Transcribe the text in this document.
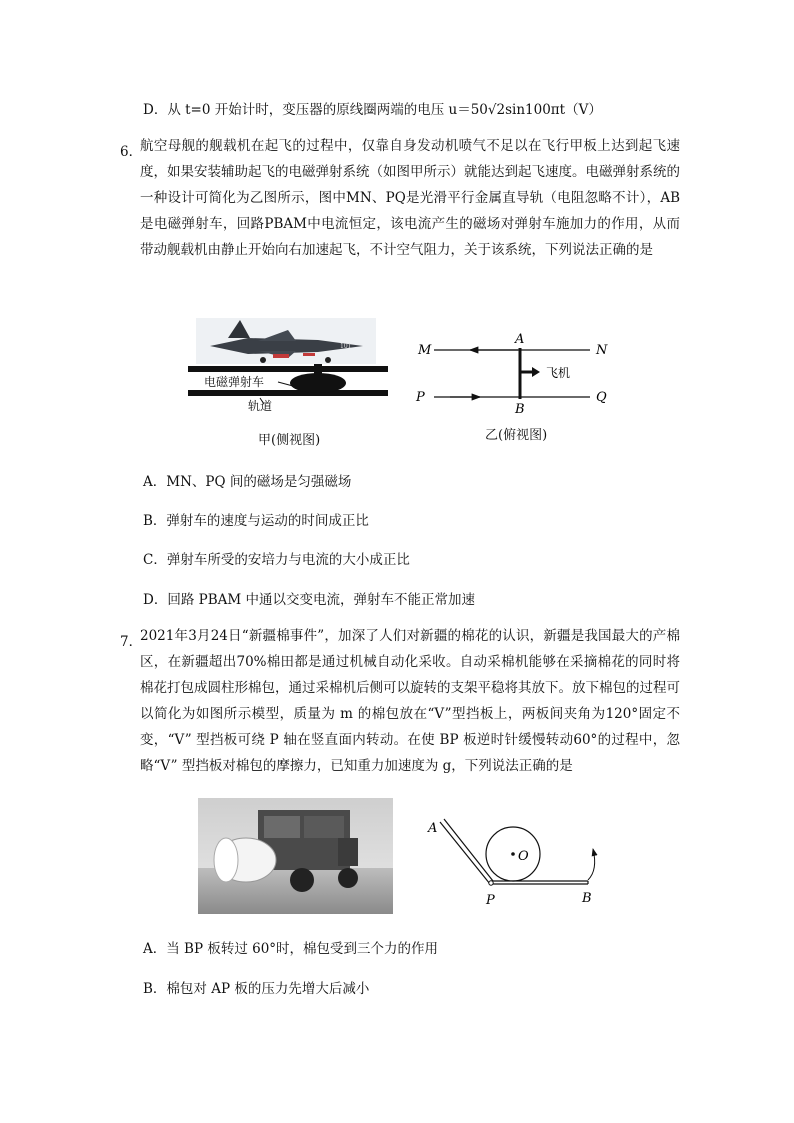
D．从 t=0 开始计时，变压器的原线圈两端的电压 u＝50√2sin100πt（V）
6．
航空母舰的舰载机在起飞的过程中，仅靠自身发动机喷气不足以在飞行甲板上达到起飞速度，如果安装辅助起飞的电磁弹射系统（如图甲所示）就能达到起飞速度。电磁弹射系统的一种设计可简化为乙图所示，图中MN、PQ是光滑平行金属直导轨（电阻忽略不计），AB是电磁弹射车，回路PBAM中电流恒定，该电流产生的磁场对弹射车施加力的作用，从而带动舰载机由静止开始向右加速起飞，不计空气阻力，关于该系统，下列说法正确的是
101
电磁弹射车
轨道
甲(侧视图)
M	N
P	Q
A
B
飞机
乙(俯视图)
A．MN、PQ 间的磁场是匀强磁场
B．弹射车的速度与运动的时间成正比
C．弹射车所受的安培力与电流的大小成正比
D．回路 PBAM 中通以交变电流，弹射车不能正常加速
7．
2021年3月24日“新疆棉事件”，加深了人们对新疆的棉花的认识，新疆是我国最大的产棉区，在新疆超出70%棉田都是通过机械自动化采收。自动采棉机能够在采摘棉花的同时将棉花打包成圆柱形棉包，通过采棉机后侧可以旋转的支架平稳将其放下。放下棉包的过程可以简化为如图所示模型，质量为 m 的棉包放在“V”型挡板上，两板间夹角为120°固定不变，“V” 型挡板可绕 P 轴在竖直面内转动。在使 BP 板逆时针缓慢转动60°的过程中，忽略“V” 型挡板对棉包的摩擦力，已知重力加速度为 g，下列说法正确的是
A
O
P	B
A．当 BP 板转过 60°时，棉包受到三个力的作用
B．棉包对 AP 板的压力先增大后减小
